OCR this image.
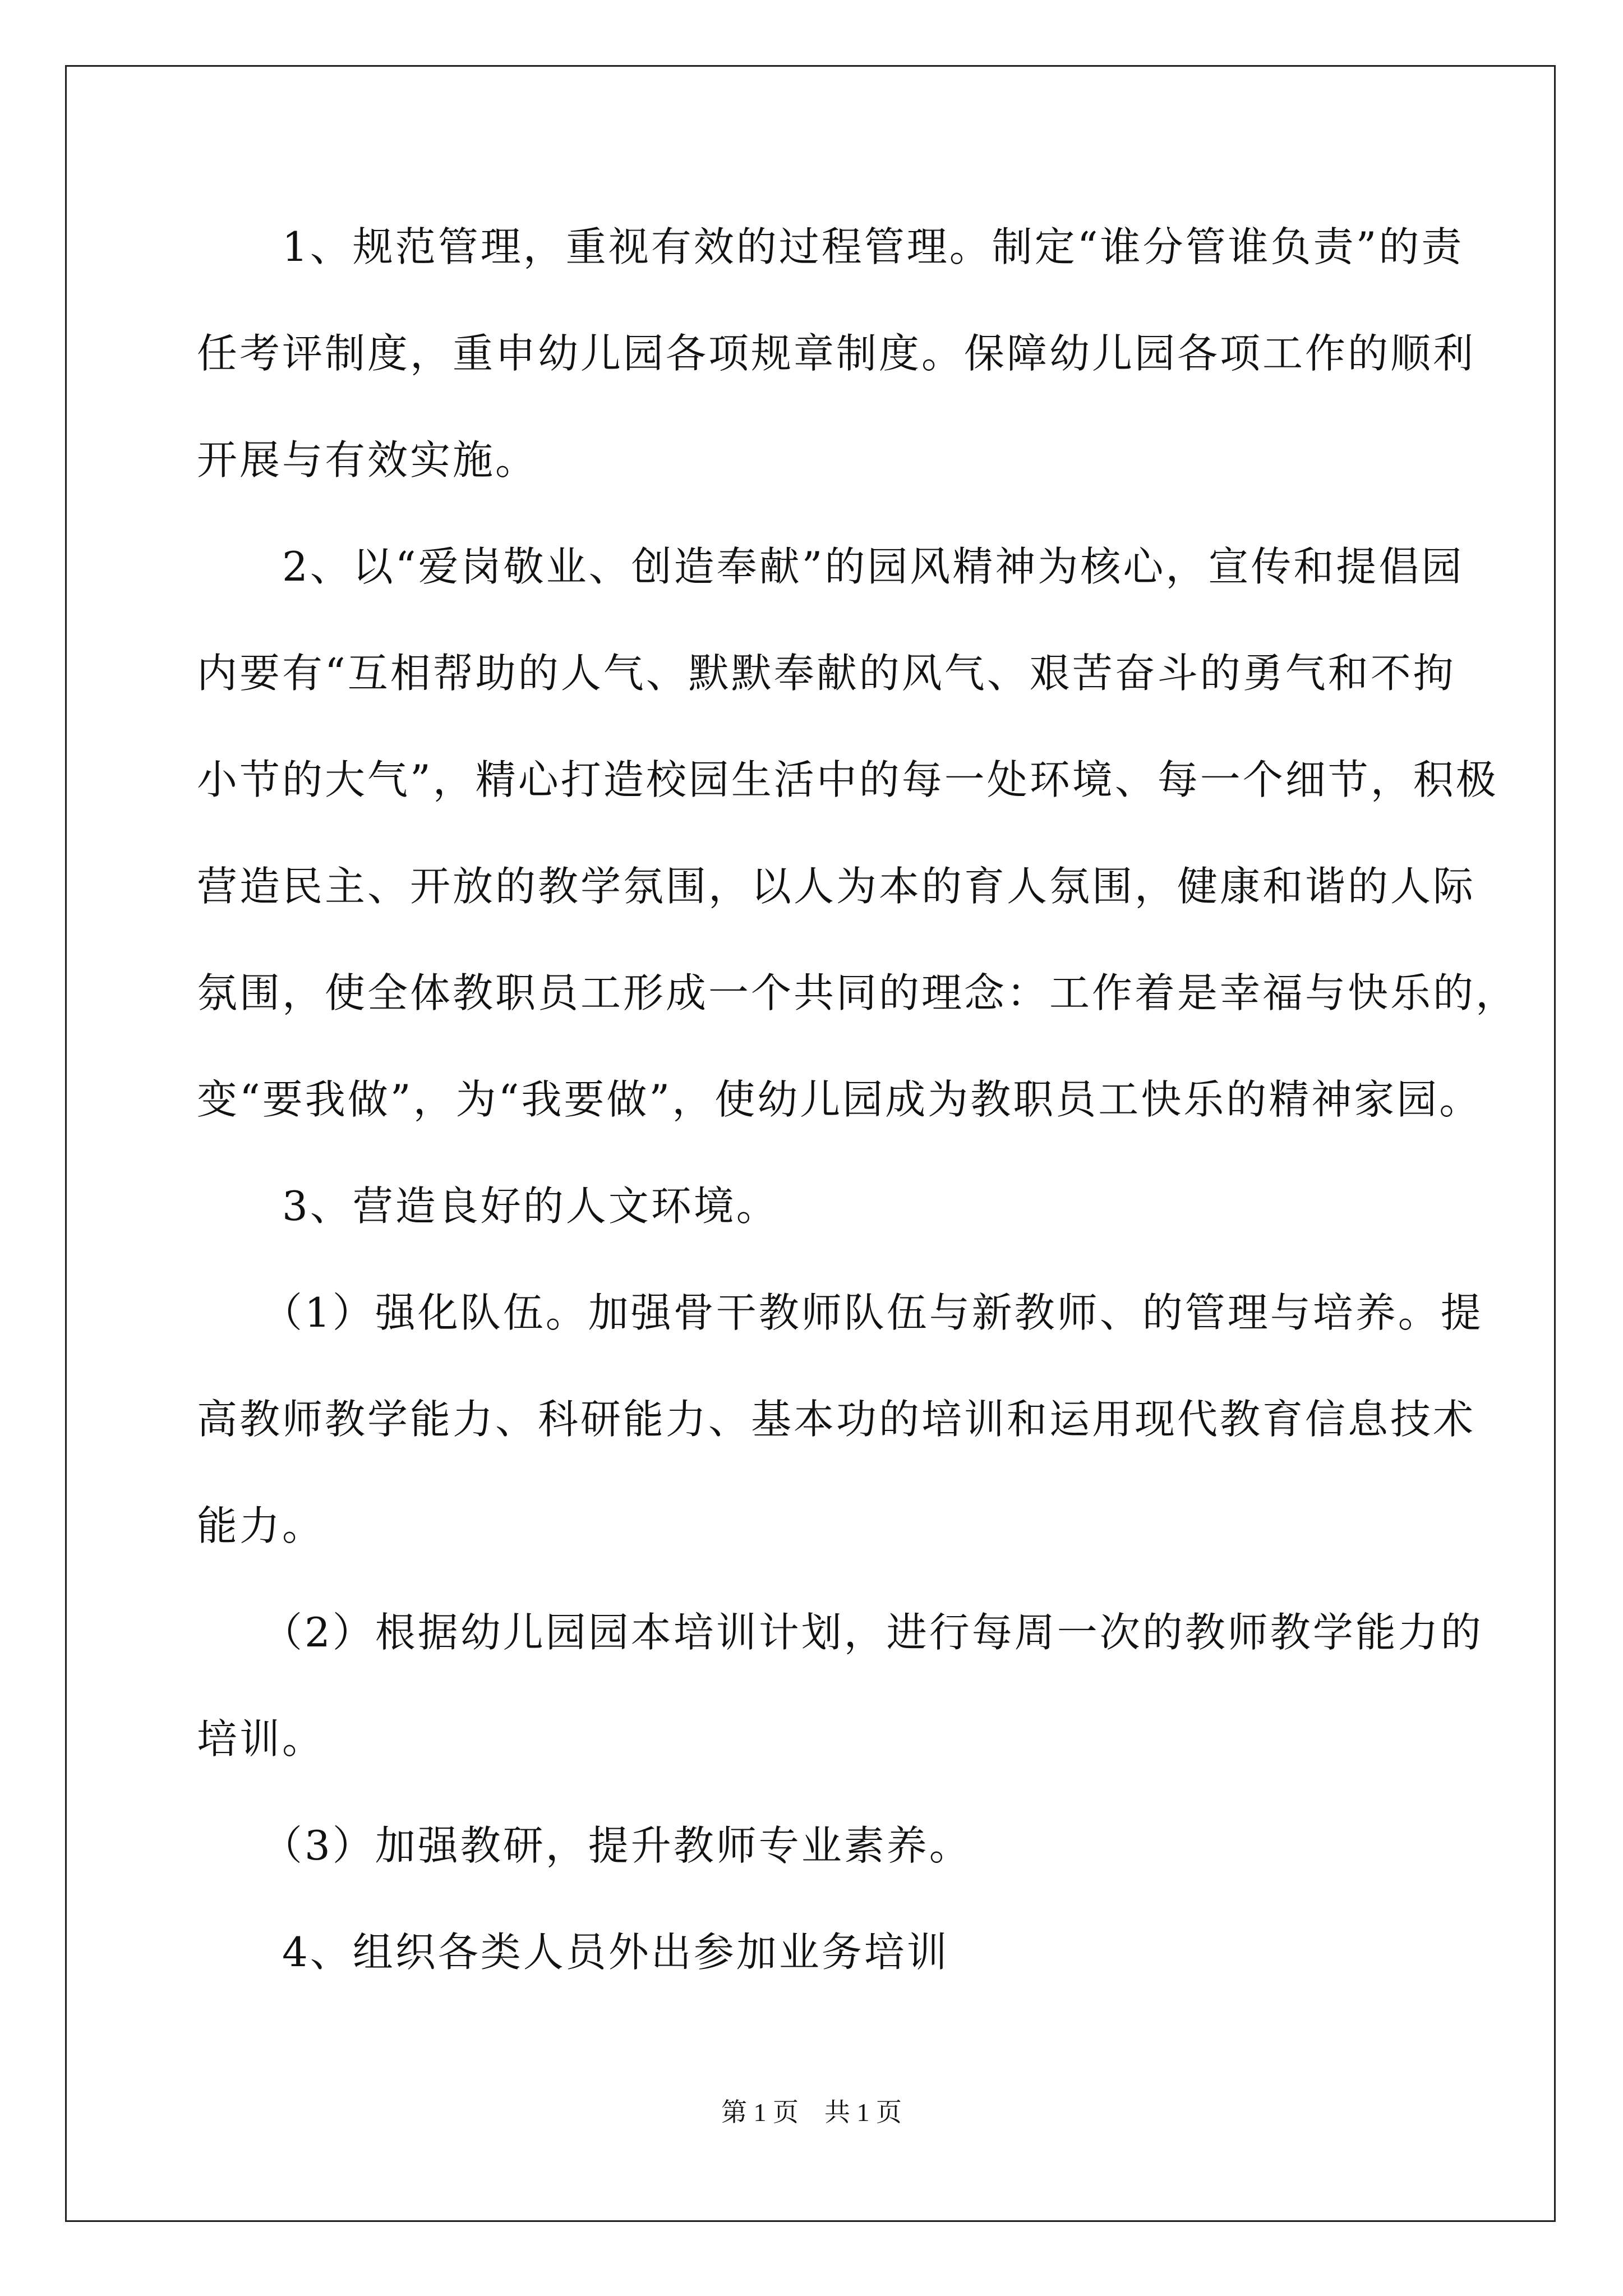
　　1、规范管理，重视有效的过程管理。制定“谁分管谁负责”的责
任考评制度，重申幼儿园各项规章制度。保障幼儿园各项工作的顺利
开展与有效实施。
　　2、以“爱岗敬业、创造奉献”的园风精神为核心，宣传和提倡园
内要有“互相帮助的人气、默默奉献的风气、艰苦奋斗的勇气和不拘
小节的大气”，精心打造校园生活中的每一处环境、每一个细节，积极
营造民主、开放的教学氛围，以人为本的育人氛围，健康和谐的人际
氛围，使全体教职员工形成一个共同的理念：工作着是幸福与快乐的，
变“要我做”，为“我要做”，使幼儿园成为教职员工快乐的精神家园。
　　3、营造良好的人文环境。
　　（1）强化队伍。加强骨干教师队伍与新教师、的管理与培养。提
高教师教学能力、科研能力、基本功的培训和运用现代教育信息技术
能力。
　　（2）根据幼儿园园本培训计划，进行每周一次的教师教学能力的
培训。
　　（3）加强教研，提升教师专业素养。
　　4、组织各类人员外出参加业务培训
第 1 页　共 1 页
